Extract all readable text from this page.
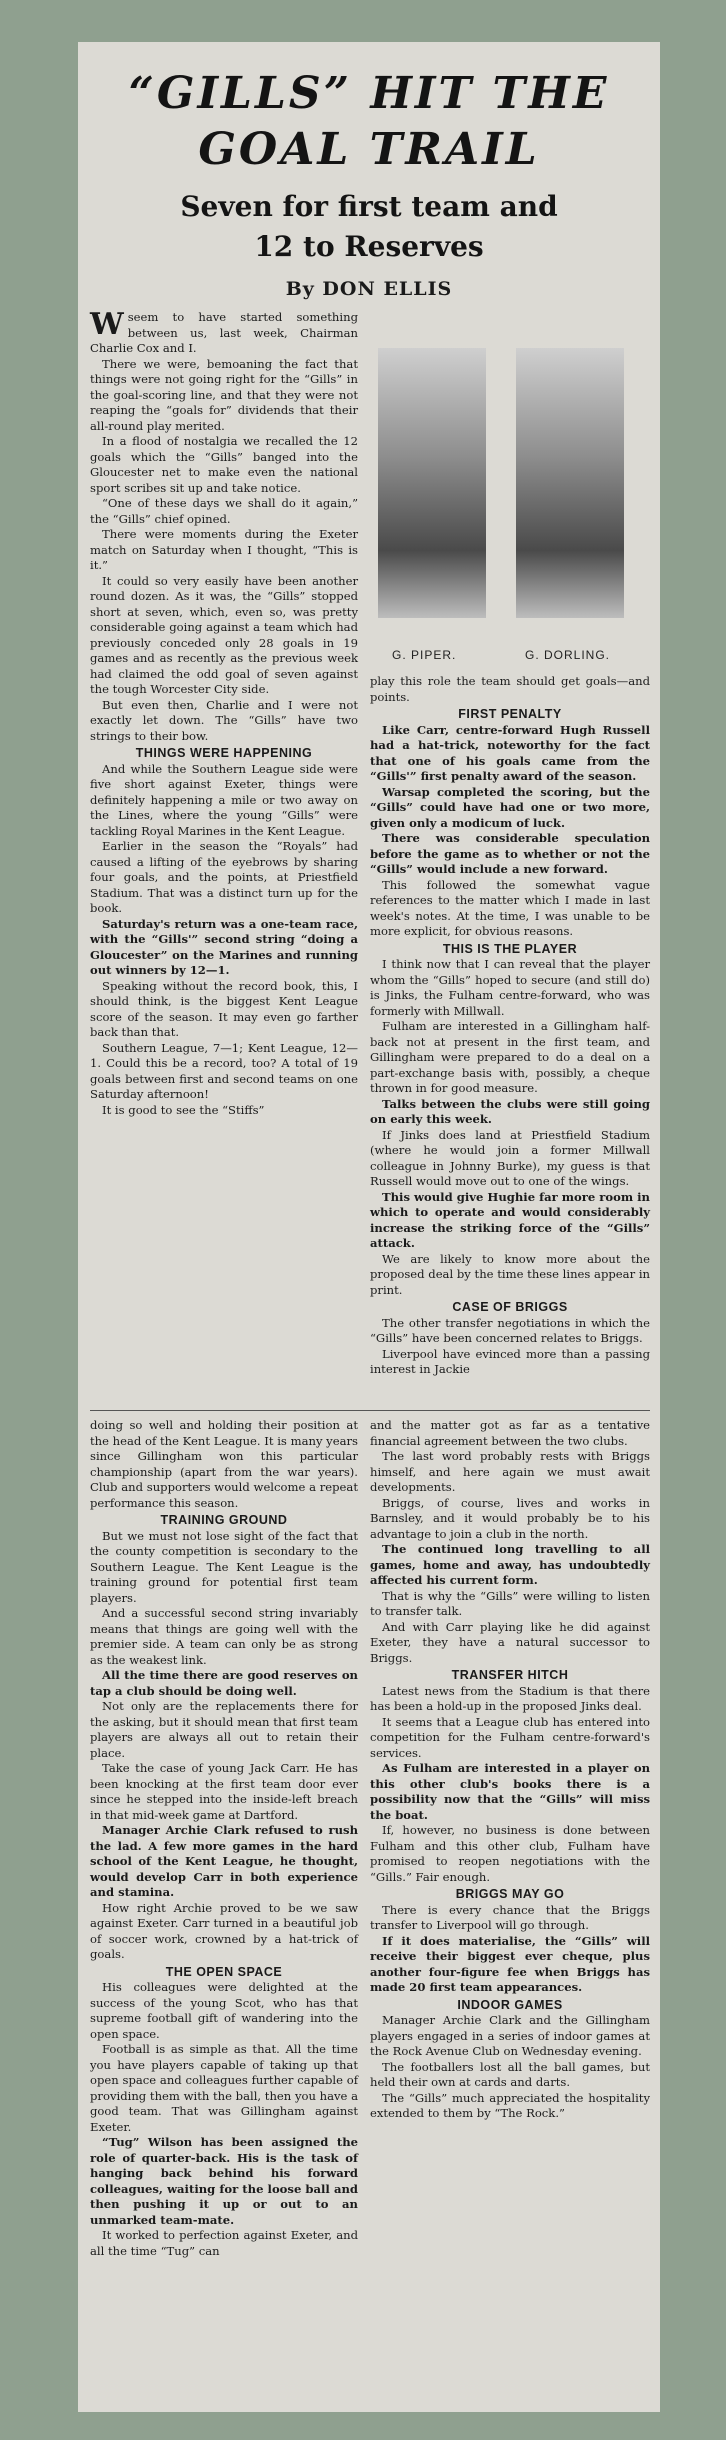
“GILLS” HIT THE
GOAL TRAIL
Seven for first team and
12 to Reserves
By DON ELLIS

Wseem to have started something between us, last week, Chairman Charlie Cox and I.

There we were, bemoaning the fact that things were not going right for the “Gills” in the goal-scoring line, and that they were not reaping the “goals for” dividends that their all-round play merited.

In a flood of nostalgia we recalled the 12 goals which the “Gills” banged into the Gloucester net to make even the national sport scribes sit up and take notice.

“One of these days we shall do it again,” the “Gills” chief opined.

There were moments during the Exeter match on Saturday when I thought, “This is it.”

It could so very easily have been another round dozen. As it was, the “Gills” stopped short at seven, which, even so, was pretty considerable going against a team which had previously conceded only 28 goals in 19 games and as recently as the previous week had claimed the odd goal of seven against the tough Worcester City side.

But even then, Charlie and I were not exactly let down. The “Gills” have two strings to their bow.

THINGS WERE HAPPENING

And while the Southern League side were five short against Exeter, things were definitely happening a mile or two away on the Lines, where the young “Gills” were tackling Royal Marines in the Kent League.

Earlier in the season the “Royals” had caused a lifting of the eyebrows by sharing four goals, and the points, at Priestfield Stadium. That was a distinct turn up for the book.

Saturday's return was a one-team race, with the “Gills'” second string “doing a Gloucester” on the Marines and running out winners by 12—1.

Speaking without the record book, this, I should think, is the biggest Kent League score of the season. It may even go farther back than that.

Southern League, 7—1; Kent League, 12—1. Could this be a record, too? A total of 19 goals between first and second teams on one Saturday afternoon!

It is good to see the “Stiffs”

G. PIPER.	G. DORLING.

play this role the team should get goals—and points.

FIRST PENALTY

Like Carr, centre-forward Hugh Russell had a hat-trick, noteworthy for the fact that one of his goals came from the “Gills'” first penalty award of the season.

Warsap completed the scoring, but the “Gills” could have had one or two more, given only a modicum of luck.

There was considerable speculation before the game as to whether or not the “Gills” would include a new forward.

This followed the somewhat vague references to the matter which I made in last week's notes. At the time, I was unable to be more explicit, for obvious reasons.

THIS IS THE PLAYER

I think now that I can reveal that the player whom the “Gills” hoped to secure (and still do) is Jinks, the Fulham centre-forward, who was formerly with Millwall.

Fulham are interested in a Gillingham half-back not at present in the first team, and Gillingham were prepared to do a deal on a part-exchange basis with, possibly, a cheque thrown in for good measure.

Talks between the clubs were still going on early this week.

If Jinks does land at Priestfield Stadium (where he would join a former Millwall colleague in Johnny Burke), my guess is that Russell would move out to one of the wings.

This would give Hughie far more room in which to operate and would considerably increase the striking force of the “Gills” attack.

We are likely to know more about the proposed deal by the time these lines appear in print.

CASE OF BRIGGS

The other transfer negotiations in which the “Gills” have been concerned relates to Briggs.

Liverpool have evinced more than a passing interest in Jackie

doing so well and holding their position at the head of the Kent League. It is many years since Gillingham won this particular championship (apart from the war years). Club and supporters would welcome a repeat performance this season.

TRAINING GROUND

But we must not lose sight of the fact that the county competition is secondary to the Southern League. The Kent League is the training ground for potential first team players.

And a successful second string invariably means that things are going well with the premier side. A team can only be as strong as the weakest link.

All the time there are good reserves on tap a club should be doing well.

Not only are the replacements there for the asking, but it should mean that first team players are always all out to retain their place.

Take the case of young Jack Carr. He has been knocking at the first team door ever since he stepped into the inside-left breach in that mid-week game at Dartford.

Manager Archie Clark refused to rush the lad. A few more games in the hard school of the Kent League, he thought, would develop Carr in both experience and stamina.

How right Archie proved to be we saw against Exeter. Carr turned in a beautiful job of soccer work, crowned by a hat-trick of goals.

THE OPEN SPACE

His colleagues were delighted at the success of the young Scot, who has that supreme football gift of wandering into the open space.

Football is as simple as that. All the time you have players capable of taking up that open space and colleagues further capable of providing them with the ball, then you have a good team. That was Gillingham against Exeter.

“Tug” Wilson has been assigned the role of quarter-back. His is the task of hanging back behind his forward colleagues, waiting for the loose ball and then pushing it up or out to an unmarked team-mate.

It worked to perfection against Exeter, and all the time “Tug” can

and the matter got as far as a tentative financial agreement between the two clubs.

The last word probably rests with Briggs himself, and here again we must await developments.

Briggs, of course, lives and works in Barnsley, and it would probably be to his advantage to join a club in the north.

The continued long travelling to all games, home and away, has undoubtedly affected his current form.

That is why the “Gills” were willing to listen to transfer talk.

And with Carr playing like he did against Exeter, they have a natural successor to Briggs.

TRANSFER HITCH

Latest news from the Stadium is that there has been a hold-up in the proposed Jinks deal.

It seems that a League club has entered into competition for the Fulham centre-forward's services.

As Fulham are interested in a player on this other club's books there is a possibility now that the “Gills” will miss the boat.

If, however, no business is done between Fulham and this other club, Fulham have promised to reopen negotiations with the “Gills.” Fair enough.

BRIGGS MAY GO

There is every chance that the Briggs transfer to Liverpool will go through.

If it does materialise, the “Gills” will receive their biggest ever cheque, plus another four-figure fee when Briggs has made 20 first team appearances.

INDOOR GAMES

Manager Archie Clark and the Gillingham players engaged in a series of indoor games at the Rock Avenue Club on Wednesday evening.

The footballers lost all the ball games, but held their own at cards and darts.

The “Gills” much appreciated the hospitality extended to them by “The Rock.”
